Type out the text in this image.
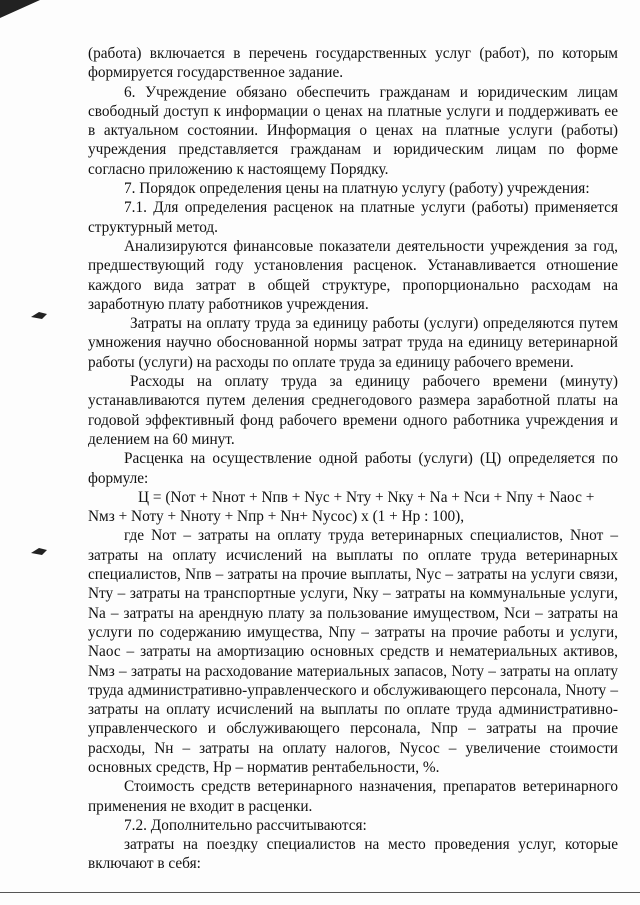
(работа) включается в перечень государственных услуг (работ), по которым формируется государственное задание.

6. Учреждение обязано обеспечить гражданам и юридическим лицам свободный доступ к информации о ценах на платные услуги и поддерживать ее в актуальном состоянии. Информация о ценах на платные услуги (работы) учреждения представляется гражданам и юридическим лицам по форме согласно приложению к настоящему Порядку.

7. Порядок определения цены на платную услугу (работу) учреждения:

7.1. Для определения расценок на платные услуги (работы) применяется структурный метод.

Анализируются финансовые показатели деятельности учреждения за год, предшествующий году установления расценок. Устанавливается отношение каждого вида затрат в общей структуре, пропорционально расходам на заработную плату работников учреждения.

Затраты на оплату труда за единицу работы (услуги) определяются путем умножения научно обоснованной нормы затрат труда на единицу ветеринарной работы (услуги) на расходы по оплате труда за единицу рабочего времени.

Расходы на оплату труда за единицу рабочего времени (минуту) устанавливаются путем деления среднегодового размера заработной платы на годовой эффективный фонд рабочего времени одного работника учреждения и делением на 60 минут.

Расценка на осуществление одной работы (услуги) (Ц) определяется по формуле:

Ц = (Nот + Nнот + Nпв + Nус + Nту + Nку + Nа + Nси + Nпу + Nаос +

Nмз + Nоту + Nноту + Nпр + Nн+ Nусос) х (1 + Нр : 100),

где Nот – затраты на оплату труда ветеринарных специалистов, Nнот – затраты на оплату исчислений на выплаты по оплате труда ветеринарных специалистов, Nпв – затраты на прочие выплаты, Nус – затраты на услуги связи, Nту – затраты на транспортные услуги, Nку – затраты на коммунальные услуги, Nа – затраты на арендную плату за пользование имуществом, Nси – затраты на услуги по содержанию имущества, Nпу – затраты на прочие работы и услуги, Nаос – затраты на амортизацию основных средств и нематериальных активов, Nмз – затраты на расходование материальных запасов, Nоту – затраты на оплату труда административно-управленческого и обслуживающего персонала, Nноту – затраты на оплату исчислений на выплаты по оплате труда административно-управленческого и обслуживающего персонала, Nпр – затраты на прочие расходы, Nн – затраты на оплату налогов, Nусос – увеличение стоимости основных средств, Нр – норматив рентабельности, %.

Стоимость средств ветеринарного назначения, препаратов ветеринарного применения не входит в расценки.

7.2. Дополнительно рассчитываются:

затраты на поездку специалистов на место проведения услуг, которые включают в себя:
